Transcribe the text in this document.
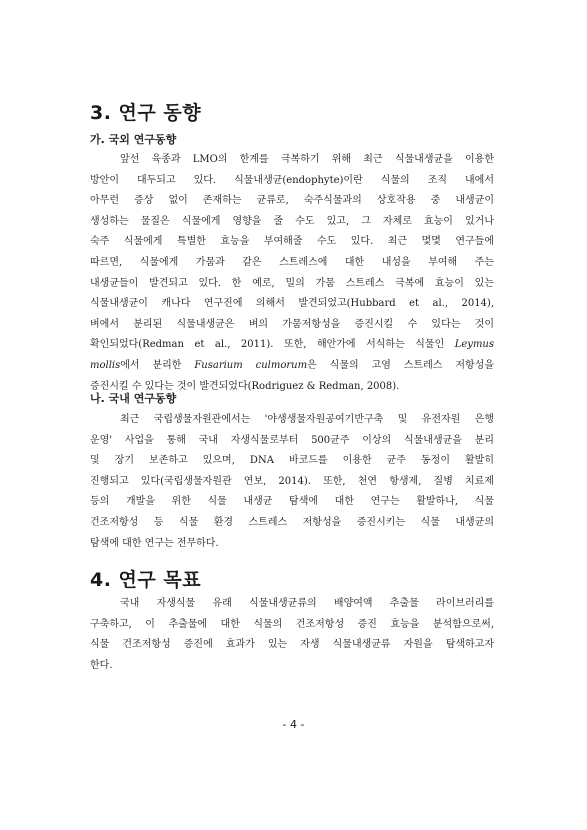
3. 연구 동향
가. 국외 연구동향
앞선 육종과 LMO의 한계를 극복하기 위해 최근 식물내생균을 이용한
방안이 대두되고 있다. 식물내생균(endophyte)이란 식물의 조직 내에서
아무런 증상 없이 존재하는 균류로, 숙주식물과의 상호작용 중 내생균이
생성하는 물질은 식물에게 영향을 줄 수도 있고, 그 자체로 효능이 있거나
숙주 식물에게 특별한 효능을 부여해줄 수도 있다. 최근 몇몇 연구들에
따르면, 식물에게 가뭄과 같은 스트레스에 대한 내성을 부여해 주는
내생균들이 발견되고 있다. 한 예로, 밀의 가뭄 스트레스 극복에 효능이 있는
식물내생균이 캐나다 연구진에 의해서 발견되었고(Hubbard et al., 2014),
벼에서 분리된 식물내생균은 벼의 가뭄저항성을 증진시킬 수 있다는 것이
확인되었다(Redman et al., 2011). 또한, 해안가에 서식하는 식물인 Leymus
mollis에서 분리한 Fusarium culmorum은 식물의 고염 스트레스 저항성을
증진시킬 수 있다는 것이 발견되었다(Rodriguez & Redman, 2008).
나. 국내 연구동향
최근 국립생물자원관에서는 '야생생물자원공여기반구축 및 유전자원 은행
운영' 사업을 통해 국내 자생식물로부터 500균주 이상의 식물내생균을 분리
및 장기 보존하고 있으며, DNA 바코드를 이용한 균주 동정이 활발히
진행되고 있다(국립생물자원관 연보, 2014). 또한, 천연 항생제, 질병 치료제
등의 개발을 위한 식물 내생균 탐색에 대한 연구는 활발하나, 식물
건조저항성 등 식물 환경 스트레스 저항성을 증진시키는 식물 내생균의
탐색에 대한 연구는 전무하다.
4. 연구 목표
국내 자생식물 유래 식물내생균류의 배양여액 추출물 라이브러리를
구축하고, 이 추출물에 대한 식물의 건조저항성 증진 효능을 분석함으로써,
식물 건조저항성 증진에 효과가 있는 자생 식물내생균류 자원을 탐색하고자
한다.
- 4 -
